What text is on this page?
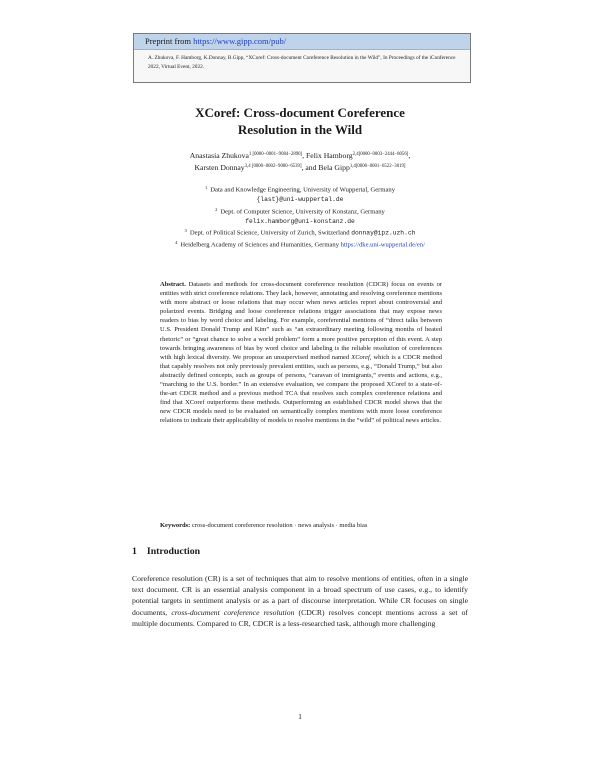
Preprint from https://www.gipp.com/pub/
A. Zhukova, F. Hamborg, K.Donnay, B.Gipp, “XCoref: Cross-document Coreference Resolution in the Wild”, In Proceedings of the iConference 2022, Virtual Event, 2022.
XCoref: Cross-document Coreference
Resolution in the Wild
Anastasia Zhukova$^{1 [0000-0001-9084-2890]}$, Felix Hamborg$^{2,4[0000-0003-2444-8056]}$,
Karsten Donnay$^{3,4 [0000-0002-9080-6539]}$, and Bela Gipp$^{1,4[0000-0001-6522-3019]}$
$^1$ Data and Knowledge Engineering, University of Wuppertal, Germany
{last}@uni-wuppertal.de
$^2$ Dept. of Computer Science, University of Konstanz, Germany
felix.hamborg@uni-konstanz.de
$^3$ Dept. of Political Science, University of Zurich, Switzerland donnay@ipz.uzh.ch
$^4$ Heidelberg Academy of Sciences and Humanities, Germany https://dke.uni-wuppertal.de/en/
Abstract. Datasets and methods for cross-document coreference resolution (CDCR) focus on events or entities with strict coreference relations. They lack, however, annotating and resolving coreference mentions with more abstract or loose relations that may occur when news articles report about controversial and polarized events. Bridging and loose coreference relations trigger associations that may expose news readers to bias by word choice and labeling. For example, coreferential mentions of “direct talks between U.S. President Donald Trump and Kim” such as “an extraordinary meeting following months of heated rhetoric” or “great chance to solve a world problem” form a more positive perception of this event. A step towards bringing awareness of bias by word choice and labeling is the reliable resolution of coreferences with high lexical diversity. We propose an unsupervised method named XCoref, which is a CDCR method that capably resolves not only previously prevalent entities, such as persons, e.g., “Donald Trump,” but also abstractly defined concepts, such as groups of persons, “caravan of immigrants,” events and actions, e.g., “marching to the U.S. border.” In an extensive evaluation, we compare the proposed XCoref to a state-of-the-art CDCR method and a previous method TCA that resolves such complex coreference relations and find that XCoref outperforms these methods. Outperforming an established CDCR model shows that the new CDCR models need to be evaluated on semantically complex mentions with more loose coreference relations to indicate their applicability of models to resolve mentions in the “wild” of political news articles.
Keywords: cross-document coreference resolution · news analysis · media bias
1 Introduction
Coreference resolution (CR) is a set of techniques that aim to resolve mentions of entities, often in a single text document. CR is an essential analysis component in a broad spectrum of use cases, e.g., to identify potential targets in sentiment analysis or as a part of discourse interpretation. While CR focuses on single documents, cross-document coreference resolution (CDCR) resolves concept mentions across a set of multiple documents. Compared to CR, CDCR is a less-researched task, although more challenging
1
